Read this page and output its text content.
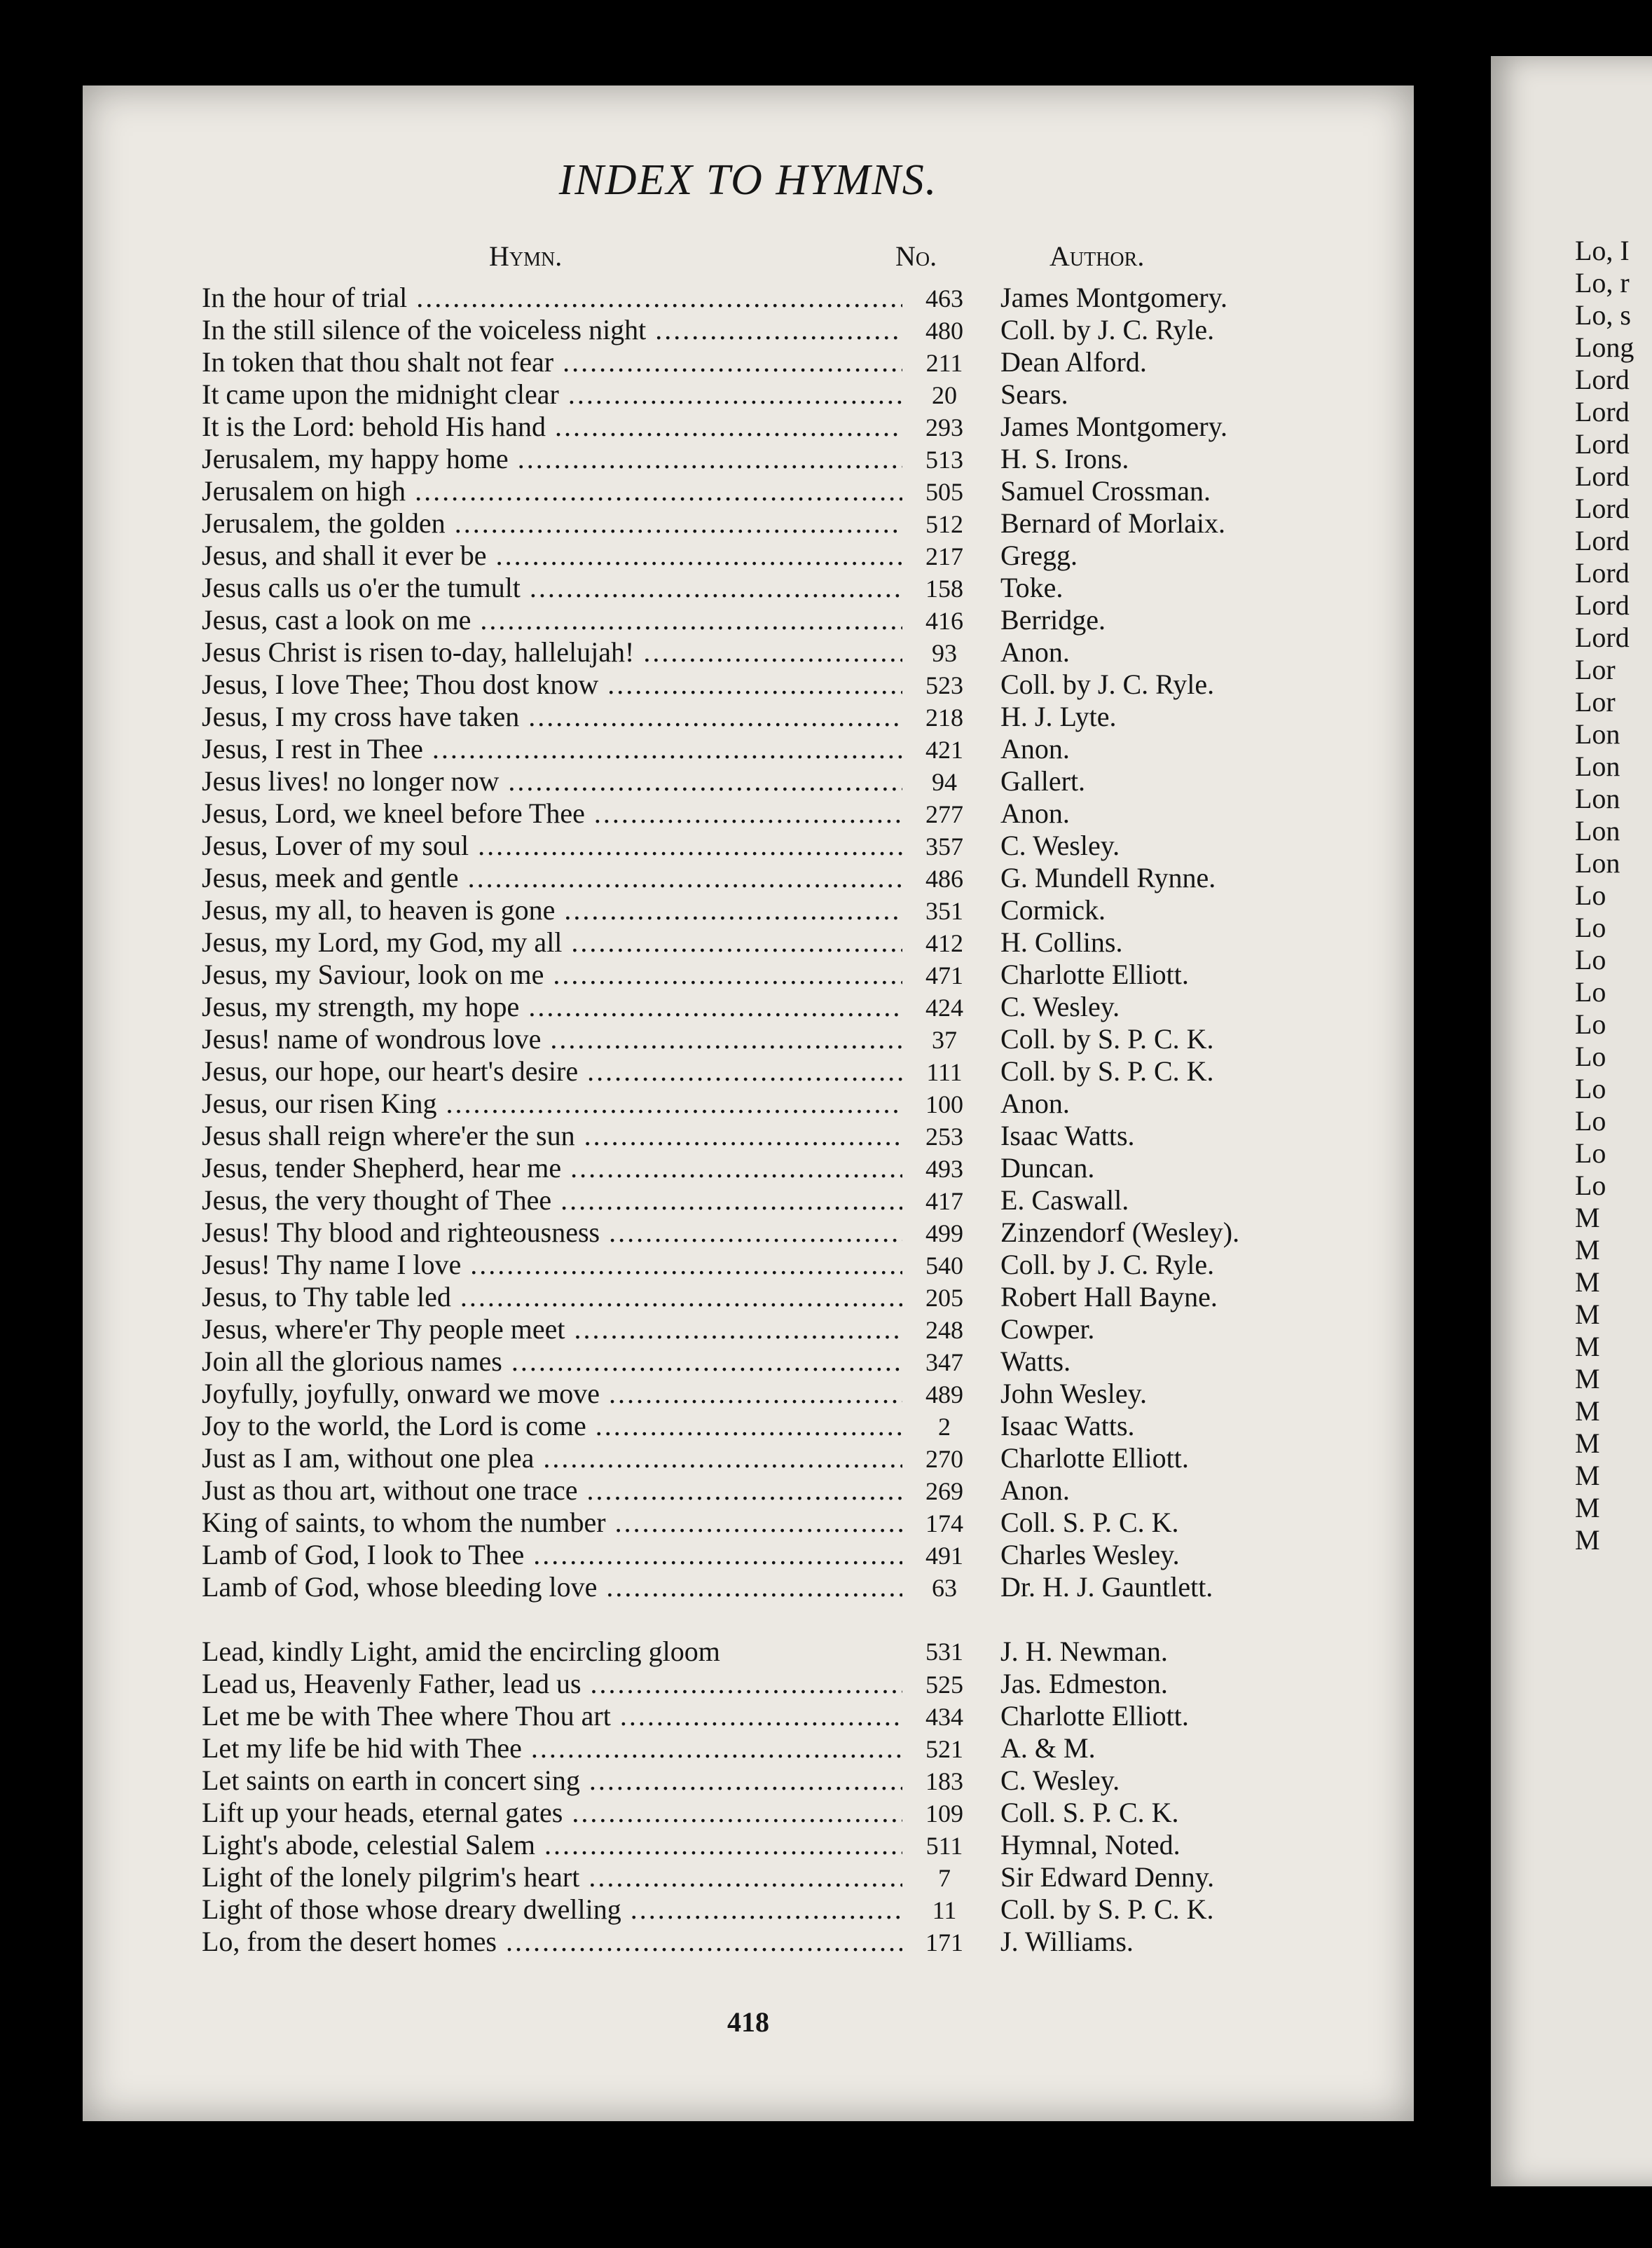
Lo, I
Lo, r
Lo, s
Long
Lord
Lord
Lord
Lord
Lord
Lord
Lord
Lord
Lord
Lor
Lor
Lon
Lon
Lon
Lon
Lon
Lo
Lo
Lo
Lo
Lo
Lo
Lo
Lo
Lo
Lo
M
M
M
M
M
M
M
M
M
M
M
INDEX TO HYMNS.
Hymn.	No.	Author.
In the hour of trial .....	463	James Montgomery.
In the still silence of the voiceless night .....	480	Coll. by J. C. Ryle.
In token that thou shalt not fear .....	211	Dean Alford.
It came upon the midnight clear .....	20	Sears.
It is the Lord: behold His hand .....	293	James Montgomery.
Jerusalem, my happy home .....	513	H. S. Irons.
Jerusalem on high .....	505	Samuel Crossman.
Jerusalem, the golden .....	512	Bernard of Morlaix.
Jesus, and shall it ever be .....	217	Gregg.
Jesus calls us o'er the tumult .....	158	Toke.
Jesus, cast a look on me .....	416	Berridge.
Jesus Christ is risen to-day, hallelujah! .....	93	Anon.
Jesus, I love Thee; Thou dost know .....	523	Coll. by J. C. Ryle.
Jesus, I my cross have taken .....	218	H. J. Lyte.
Jesus, I rest in Thee .....	421	Anon.
Jesus lives! no longer now .....	94	Gallert.
Jesus, Lord, we kneel before Thee .....	277	Anon.
Jesus, Lover of my soul .....	357	C. Wesley.
Jesus, meek and gentle .....	486	G. Mundell Rynne.
Jesus, my all, to heaven is gone .....	351	Cormick.
Jesus, my Lord, my God, my all .....	412	H. Collins.
Jesus, my Saviour, look on me .....	471	Charlotte Elliott.
Jesus, my strength, my hope .....	424	C. Wesley.
Jesus! name of wondrous love .....	37	Coll. by S. P. C. K.
Jesus, our hope, our heart's desire .....	111	Coll. by S. P. C. K.
Jesus, our risen King .....	100	Anon.
Jesus shall reign where'er the sun .....	253	Isaac Watts.
Jesus, tender Shepherd, hear me .....	493	Duncan.
Jesus, the very thought of Thee .....	417	E. Caswall.
Jesus! Thy blood and righteousness .....	499	Zinzendorf (Wesley).
Jesus! Thy name I love .....	540	Coll. by J. C. Ryle.
Jesus, to Thy table led .....	205	Robert Hall Bayne.
Jesus, where'er Thy people meet .....	248	Cowper.
Join all the glorious names .....	347	Watts.
Joyfully, joyfully, onward we move .....	489	John Wesley.
Joy to the world, the Lord is come .....	2	Isaac Watts.
Just as I am, without one plea .....	270	Charlotte Elliott.
Just as thou art, without one trace .....	269	Anon.
King of saints, to whom the number .....	174	Coll. S. P. C. K.
Lamb of God, I look to Thee .....	491	Charles Wesley.
Lamb of God, whose bleeding love .....	63	Dr. H. J. Gauntlett.
Lead, kindly Light, amid the encircling gloom	531	J. H. Newman.
Lead us, Heavenly Father, lead us .....	525	Jas. Edmeston.
Let me be with Thee where Thou art .....	434	Charlotte Elliott.
Let my life be hid with Thee .....	521	A. & M.
Let saints on earth in concert sing .....	183	C. Wesley.
Lift up your heads, eternal gates .....	109	Coll. S. P. C. K.
Light's abode, celestial Salem .....	511	Hymnal, Noted.
Light of the lonely pilgrim's heart .....	7	Sir Edward Denny.
Light of those whose dreary dwelling .....	11	Coll. by S. P. C. K.
Lo, from the desert homes .....	171	J. Williams.
418
